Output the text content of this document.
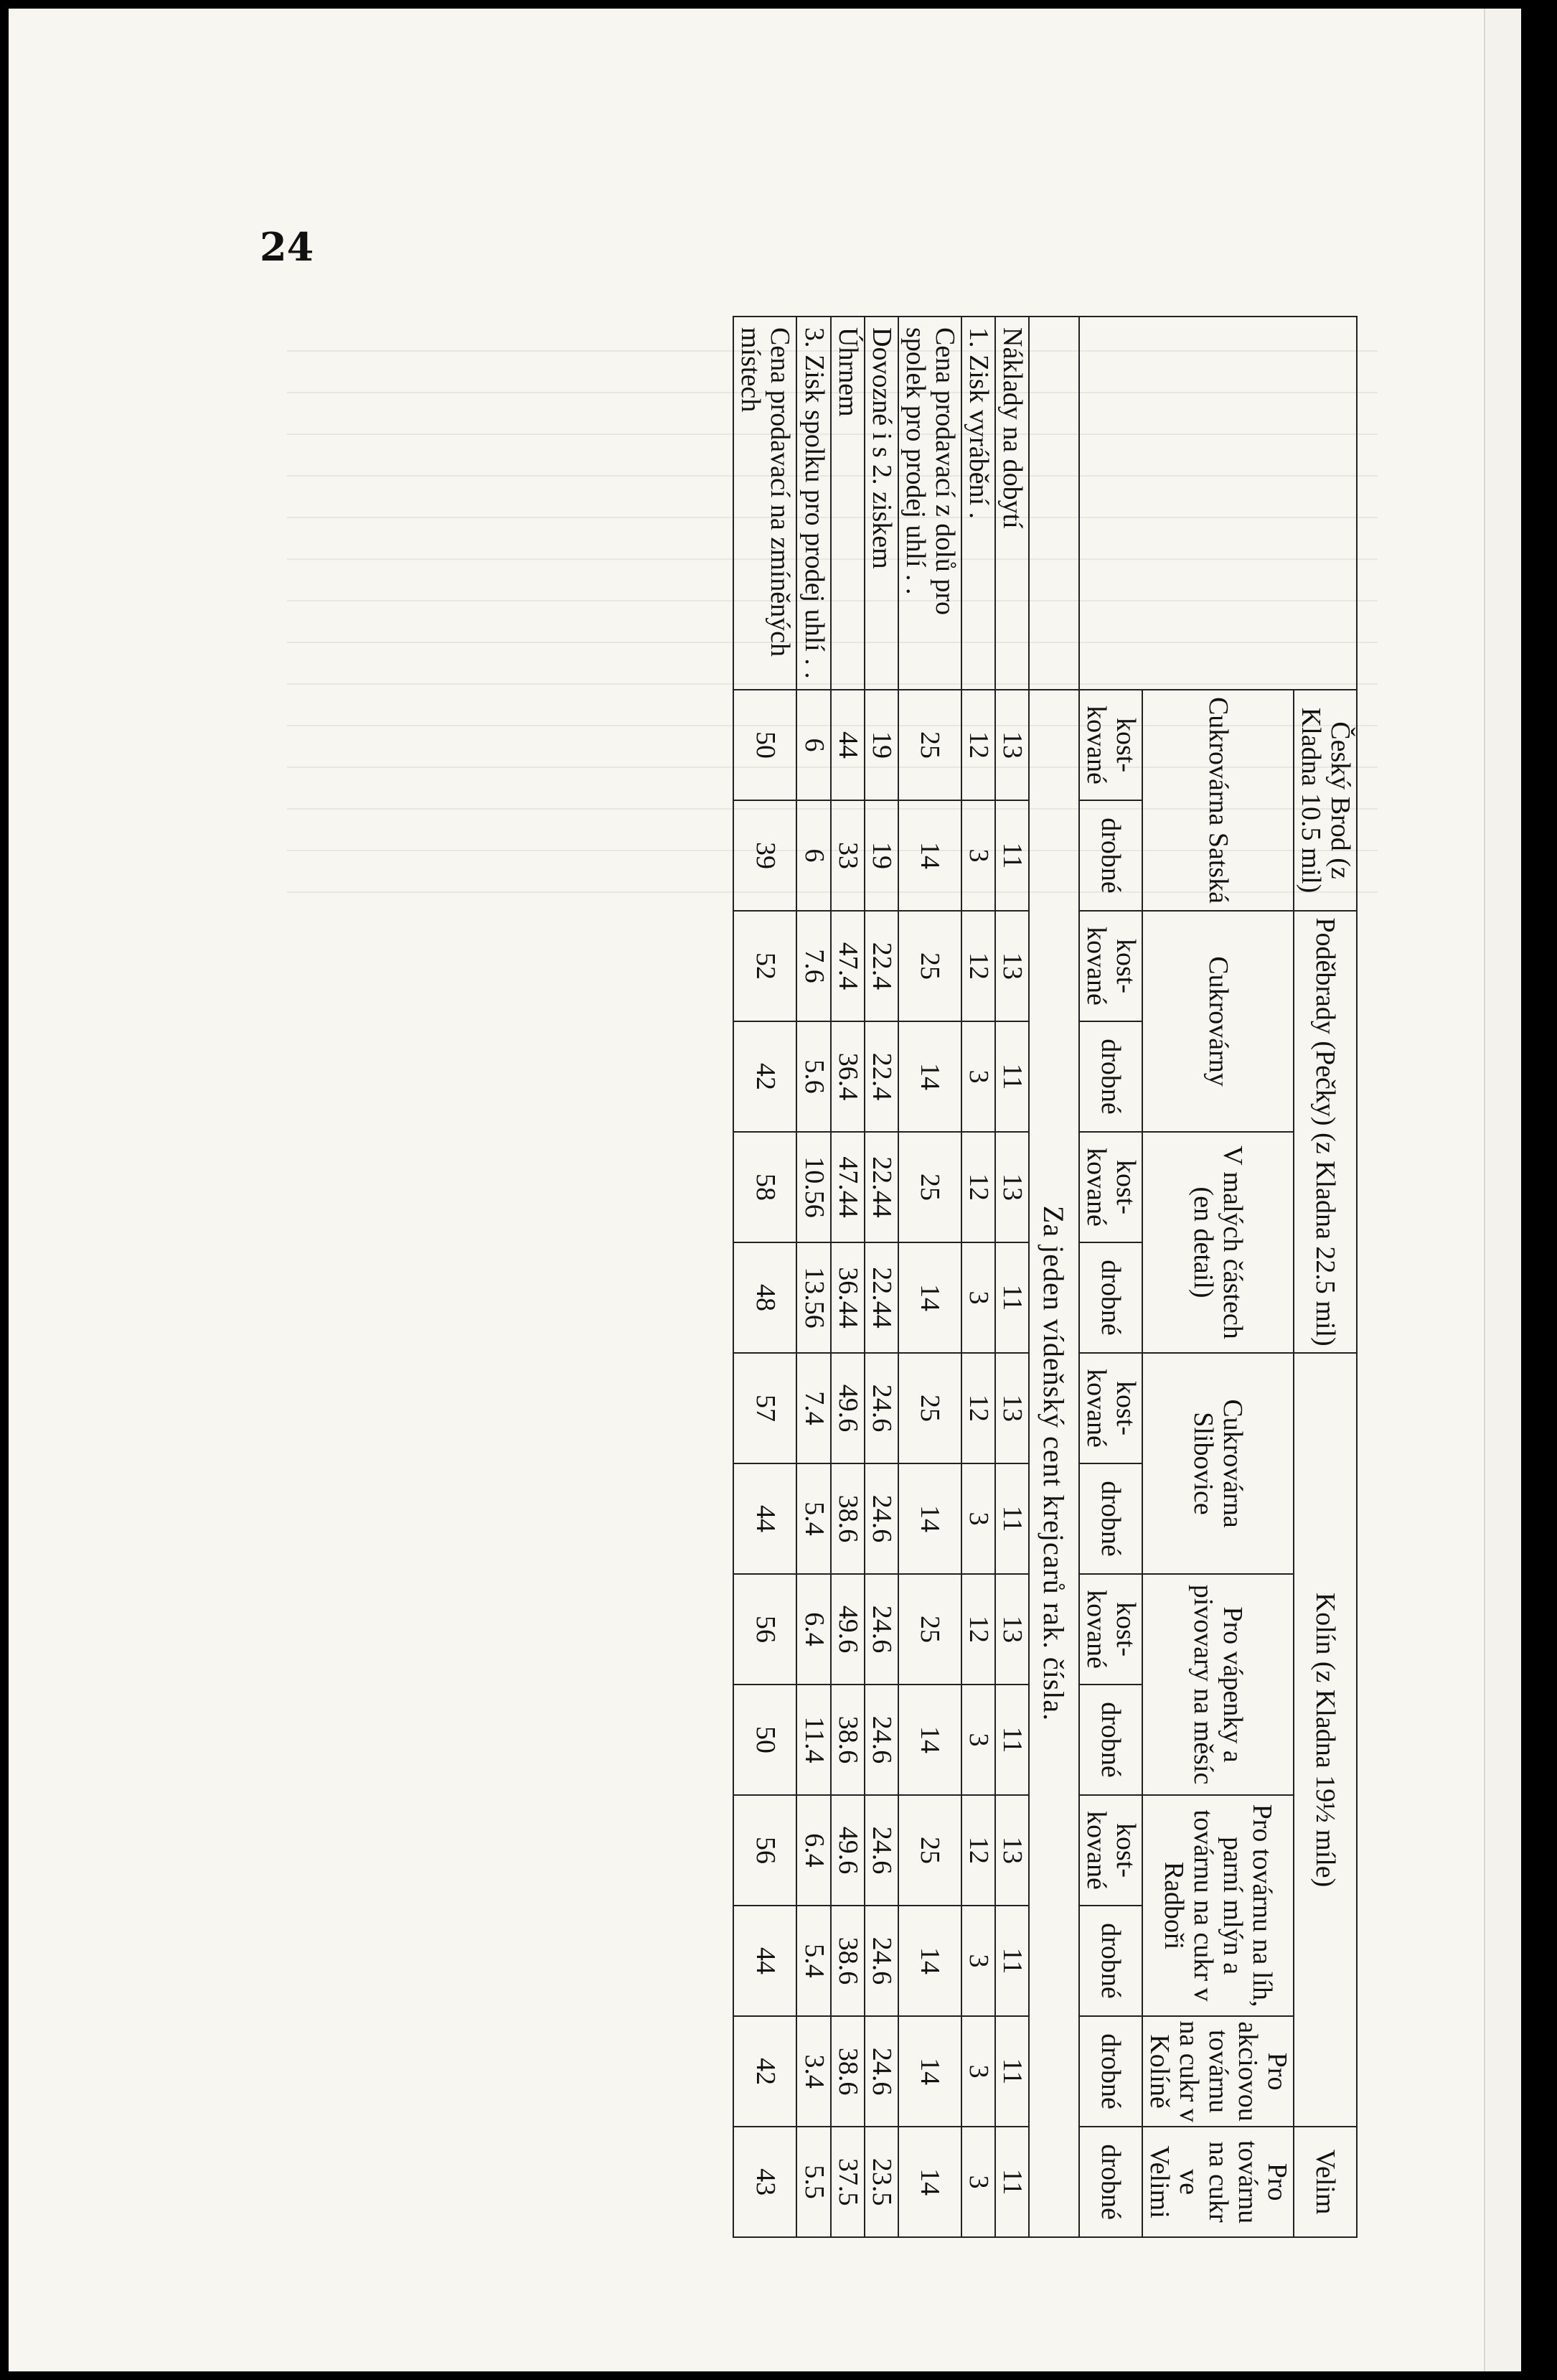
24
	Český Brod (z Kladna 10.5 mil)		Poděbrady (Pečky) (z Kladna 22.5 mil)				Kolín (z Kladna 19½ míle)							Velim
	Cukrovárna Satská		Cukrovárny		V malých částech (en detail)		Cukrovárna Slibovice		Pro vápenky a pivovary na měsíc		Pro továrnu na líh, parní mlýn a továrnu na cukr v Radboři		Pro akciovou továrnu na cukr v Kolíně	Pro továrnu na cukr ve Velimi
	kost-kované	drobné	kost-kované	drobné	kost-kované	drobné	kost-kované	drobné	kost-kované	drobné	kost-kované	drobné	drobné	drobné
	Za jeden vídeňský cent krejcarů rak. čísla.													
Náklady na dobytí	13	11	13	11	13	11	13	11	13	11	13	11	11	11
1. Zisk vyrábění .	12	3	12	3	12	3	12	3	12	3	12	3	3	3
Cena prodavací z dolů pro spolek pro prodej uhlí . .	25	14	25	14	25	14	25	14	25	14	25	14	14	14
Dovozné i s 2. ziskem	19	19	22.4	22.4	22.44	22.44	24.6	24.6	24.6	24.6	24.6	24.6	24.6	23.5
Úhrnem	44	33	47.4	36.4	47.44	36.44	49.6	38.6	49.6	38.6	49.6	38.6	38.6	37.5
3. Zisk spolku pro prodej uhlí . .	6	6	7.6	5.6	10.56	13.56	7.4	5.4	6.4	11.4	6.4	5.4	3.4	5.5
Cena prodavací na zmíněných místech	50	39	52	42	58	48	57	44	56	50	56	44	42	43
